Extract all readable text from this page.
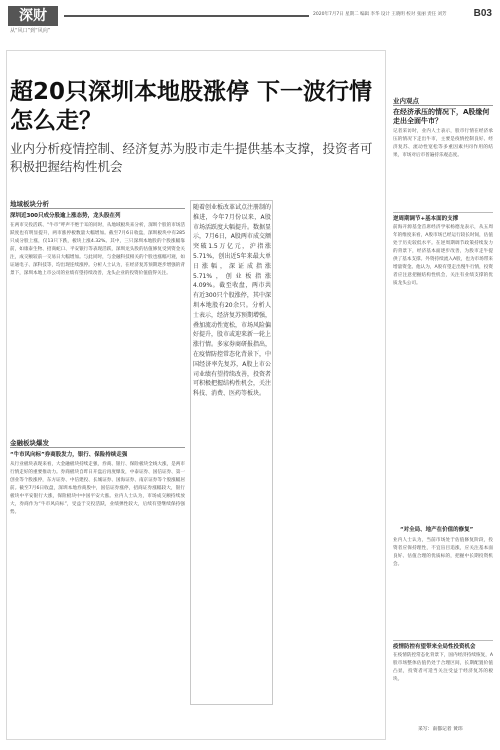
深财
从“风口”到“风向”
2020年7月7日 星期二 编辑 李华 设计 王晓明 校对 张丽 责任 刘芳	B03
超20只深圳本地股涨停 下一波行情怎么走？
业内分析疫情控制、经济复苏为股市走牛提供基本支撑，投资者可积极把握结构性机会
地域板块分析
深圳近300只成分股逾上涨态势，龙头股在列
在两市交投活跃、“牛市”呼声不绝于耳的同时，从地域板块来分析，深圳个股的市场活跃度也有明显提升，两市涨停板数量大幅增加。截至7月6日收盘，深圳板块中有285只成分股上涨，仅13只下跌，板块上涨4.32%。其中，三只深圳本地股的个股涨幅靠前，如康泰生物、招商蛇口、平安银行等表现活跃，深圳龙头股的估值修复受到资金关注，成交额较前一交易日大幅增加。与此同时，与金融科技相关的个股也涨幅可观，如证通电子、深科技等，均出现连续涨停。分析人士认为，在经济复苏预期逐步增强的背景下，深圳本地上市公司的业绩有望持续改善，龙头企业的投资价值值得关注。
金融板块爆发
“牛市风向标”券商股发力，银行、保险持续走强
从行业板块表现来看，大金融板块持续走强，券商、银行、保险板块全线大涨，是两市行情走好的重要推动力。券商板块自昨日开盘后再度爆发，中泰证券、国信证券、第一创业等个股涨停，东方证券、中信建投、长城证券、国海证券、南京证券等个股涨幅居前。截至7月6日收盘，深圳本地券商股中，国信证券涨停，招商证券涨幅较大，银行板块中平安银行大涨，保险板块中中国平安大涨。业内人士认为，市场成交额持续放大，券商作为“牛市风向标”，受益于交投活跃，业绩弹性较大，后续有望继续保持强势。
随着创业板改革试点注册制的推进，今年7月份以来，A股市场活跃度大幅提升。数据显示，7月6日，A股两市成交额突破1.5万亿元，沪指涨5.71%，创出近5年来最大单日涨幅，深证成指涨5.71%，创业板指涨4.09%。截至收盘，两市共有近300只个股涨停，其中深圳本地股有20余只。分析人士表示，经济复苏预期增强，叠加流动性宽松，市场风险偏好提升，股市或迎来新一轮上涨行情。多家券商研报指出，在疫情防控常态化背景下，中国经济率先复苏，A股上市公司业绩有望持续改善，投资者可积极把握结构性机会，关注科技、消费、医药等板块。
业内观点
在经济承压的情况下，A股缘何走出全面牛市？
记者采访时，业内人士表示，股市行情在经济承压的情况下走出牛市，主要是疫情控制良好、经济复苏、流动性宽松等多重因素共同作用的结果，市场对后市普遍持乐观态度。
逆周期调节+基本面的支撑
前海开源基金首席经济学家杨德龙表示，从五周年的维度来看，A股市场已经运行较长时间，估值处于历史较低水平。在逆周期调节政策持续发力的背景下，经济基本面逐步改善，为股市走牛提供了基本支撑。外资持续流入A股，也为市场带来增量资金。他认为，A股有望走出慢牛行情，投资者应注意把握结构性机会，关注有业绩支撑的优质龙头公司。
“对全局、地产在价值的修复”
业内人士认为，当前市场处于估值修复阶段，投资者应保持理性，不宜盲目追涨，应关注基本面良好、估值合理的优质标的，把握中长期投资机会。
疫情防控有望带来全局性投资机会
在疫情防控常态化背景下，国内经济持续恢复，A股市场整体估值仍处于合理区间，长期配置价值凸显，投资者可适当关注受益于经济复苏的板块。
采写：南都记者 黄玮
